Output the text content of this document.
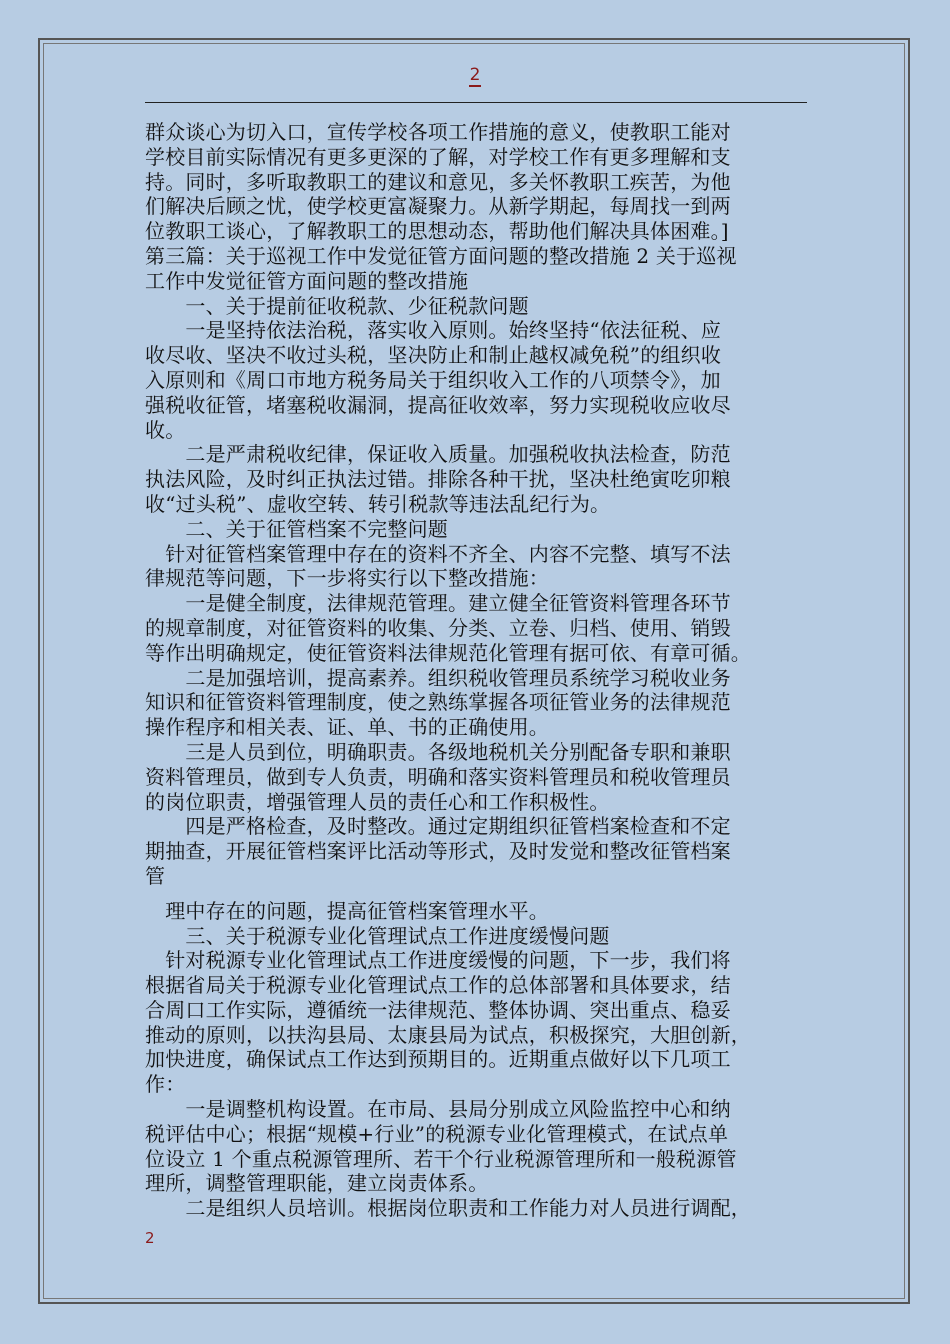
2
群众谈心为切入口，宣传学校各项工作措施的意义，使教职工能对
学校目前实际情况有更多更深的了解，对学校工作有更多理解和支
持。同时，多听取教职工的建议和意见，多关怀教职工疾苦，为他
们解决后顾之忧，使学校更富凝聚力。从新学期起，每周找一到两
位教职工谈心，了解教职工的思想动态，帮助他们解决具体困难。]
第三篇：关于巡视工作中发觉征管方面问题的整改措施 2 关于巡视
工作中发觉征管方面问题的整改措施
　　一、关于提前征收税款、少征税款问题
　　一是坚持依法治税，落实收入原则。始终坚持“依法征税、应
收尽收、坚决不收过头税，坚决防止和制止越权减免税”的组织收
入原则和《周口市地方税务局关于组织收入工作的八项禁令》，加
强税收征管，堵塞税收漏洞，提高征收效率，努力实现税收应收尽
收。
　　二是严肃税收纪律，保证收入质量。加强税收执法检查，防范
执法风险，及时纠正执法过错。排除各种干扰，坚决杜绝寅吃卯粮
收“过头税”、虚收空转、转引税款等违法乱纪行为。
　　二、关于征管档案不完整问题
　针对征管档案管理中存在的资料不齐全、内容不完整、填写不法
律规范等问题，下一步将实行以下整改措施：
　　一是健全制度，法律规范管理。建立健全征管资料管理各环节
的规章制度，对征管资料的收集、分类、立卷、归档、使用、销毁
等作出明确规定，使征管资料法律规范化管理有据可依、有章可循。
　　二是加强培训，提高素养。组织税收管理员系统学习税收业务
知识和征管资料管理制度，使之熟练掌握各项征管业务的法律规范
操作程序和相关表、证、单、书的正确使用。
　　三是人员到位，明确职责。各级地税机关分别配备专职和兼职
资料管理员，做到专人负责，明确和落实资料管理员和税收管理员
的岗位职责，增强管理人员的责任心和工作积极性。
　　四是严格检查，及时整改。通过定期组织征管档案检查和不定
期抽查，开展征管档案评比活动等形式，及时发觉和整改征管档案
管
　理中存在的问题，提高征管档案管理水平。
　　三、关于税源专业化管理试点工作进度缓慢问题
　针对税源专业化管理试点工作进度缓慢的问题，下一步，我们将
根据省局关于税源专业化管理试点工作的总体部署和具体要求，结
合周口工作实际，遵循统一法律规范、整体协调、突出重点、稳妥
推动的原则，以扶沟县局、太康县局为试点，积极探究，大胆创新，
加快进度，确保试点工作达到预期目的。近期重点做好以下几项工
作：
　　一是调整机构设置。在市局、县局分别成立风险监控中心和纳
税评估中心；根据“规模+行业”的税源专业化管理模式，在试点单
位设立 1 个重点税源管理所、若干个行业税源管理所和一般税源管
理所，调整管理职能，建立岗责体系。
　　二是组织人员培训。根据岗位职责和工作能力对人员进行调配，
2
